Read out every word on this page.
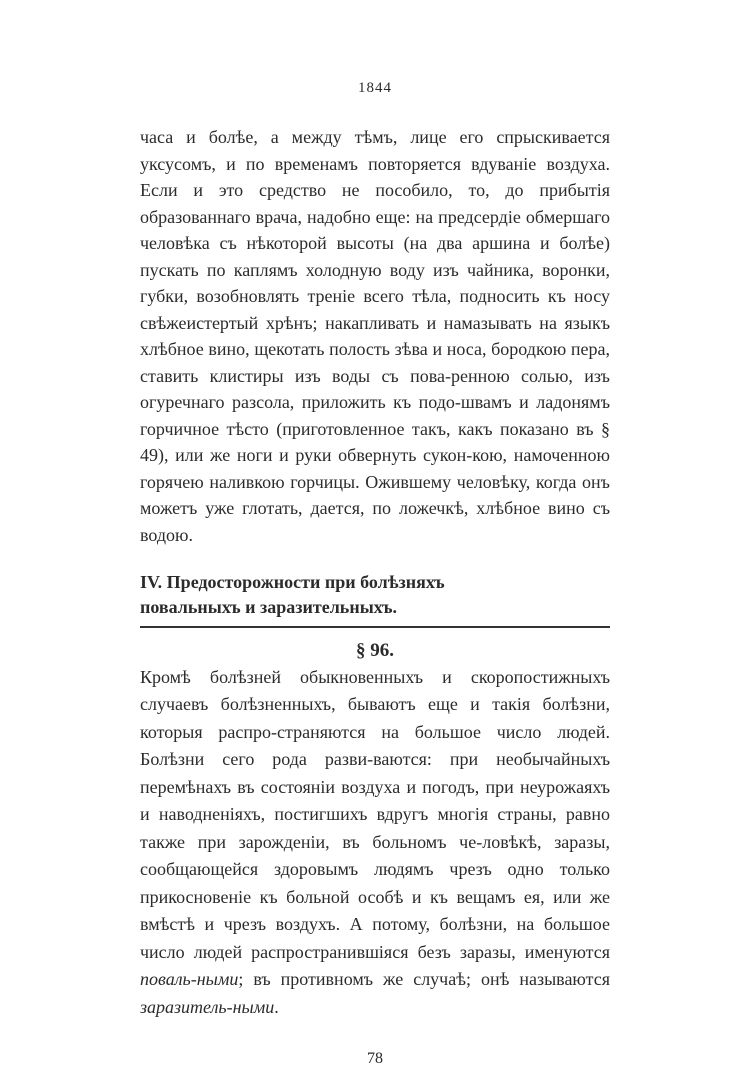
1844

часа и болѣе, а между тѣмъ, лице его спрыскивается уксусомъ, и по временамъ повторяется вдуваніе воздуха. Если и это средство не пособило, то, до прибытія образованнаго врача, надобно еще: на предсердіе обмершаго человѣка съ нѣкоторой высоты (на два аршина и болѣе) пускать по каплямъ холодную воду изъ чайника, воронки, губки, возобновлять треніе всего тѣла, подносить къ носу свѣжеистертый хрѣнъ; накапливать и намазывать на языкъ хлѣбное вино, щекотать полость зѣва и носа, бородкою пера, ставить клистиры изъ воды съ пова-ренною солью, изъ огуречнаго разсола, приложить къ подо-швамъ и ладонямъ горчичное тѣсто (приготовленное такъ, какъ показано въ § 49), или же ноги и руки обвернуть сукон-кою, намоченною горячею наливкою горчицы. Ожившему человѣку, когда онъ можетъ уже глотать, дается, по ложечкѣ, хлѣбное вино съ водою.

IV. Предосторожности при болѣзняхъ
повальныхъ и заразительныхъ.
§ 96.

Кромѣ болѣзней обыкновенныхъ и скоропостижныхъ случаевъ болѣзненныхъ, бываютъ еще и такія болѣзни, которыя распро-страняются на большое число людей. Болѣзни сего рода разви-ваются: при необычайныхъ перемѣнахъ въ состояніи воздуха и погодъ, при неурожаяхъ и наводненіяхъ, постигшихъ вдругъ многія страны, равно также при зарожденіи, въ больномъ че-ловѣкѣ, заразы, сообщающейся здоровымъ людямъ чрезъ одно только прикосновеніе къ больной особѣ и къ вещамъ ея, или же вмѣстѣ и чрезъ воздухъ. А потому, болѣзни, на большое число людей распространившіяся безъ заразы, именуются поваль-ными; въ противномъ же случаѣ; онѣ называются заразитель-ными.

78
